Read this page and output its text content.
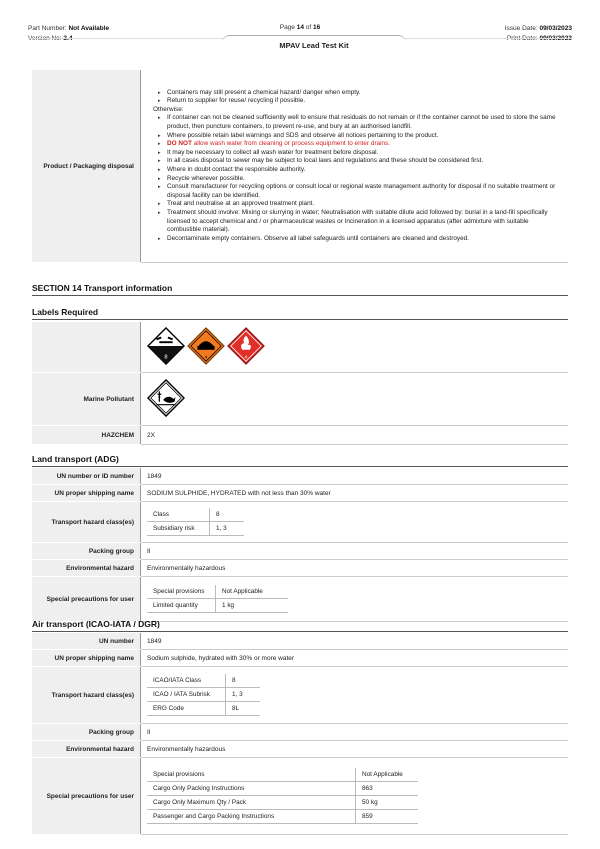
Part Number: Not Available	Page 14 of 16	Issue Date: 09/03/2023
MPAV Lead Test Kit
Product / Packaging disposal	
▸ Containers may still present a chemical hazard/ danger when empty.
▸ Return to supplier for reuse/ recycling if possible.
Otherwise:
▸ If container can not be cleaned sufficiently well to ensure that residuals do not remain or if the container cannot be used to store the same product, then puncture containers, to prevent re-use, and bury at an authorised landfill.
▸ Where possible retain label warnings and SDS and observe all notices pertaining to the product.
▸ DO NOT allow wash water from cleaning or process equipment to enter drains.
▸ It may be necessary to collect all wash water for treatment before disposal.
▸ In all cases disposal to sewer may be subject to local laws and regulations and these should be considered first.
▸ Where in doubt contact the responsible authority.
▸ Recycle wherever possible.
▸ Consult manufacturer for recycling options or consult local or regional waste management authority for disposal if no suitable treatment or disposal facility can be identified.
▸ Treat and neutralise at an approved treatment plant.
▸ Treatment should involve: Mixing or slurrying in water; Neutralisation with suitable dilute acid followed by: burial in a land-fill specifically licensed to accept chemical and / or pharmaceutical wastes or Incineration in a licensed apparatus (after admixture with suitable combustible material).
▸ Decontaminate empty containers. Observe all label safeguards until containers are cleaned and destroyed.
SECTION 14 Transport information
Labels Required

8
4
4

Marine Pollutant	
HAZCHEM	2X
Land transport (ADG)
UN number or ID number	1849
UN proper shipping name	SODIUM SULPHIDE, HYDRATED with not less than 30% water
Transport hazard class(es)	
Class	8
Subsidiary risk	1, 3

Packing group	II
Environmental hazard	Environmentally hazardous
Special precautions for user	
Special provisions	Not Applicable
Limited quantity	1 kg
Air transport (ICAO-IATA / DGR)
UN number	1849
UN proper shipping name	Sodium sulphide, hydrated with 30% or more water
Transport hazard class(es)	
ICAO/IATA Class	8
ICAO / IATA Subrisk	1, 3
ERG Code	8L

Packing group	II
Environmental hazard	Environmentally hazardous
Special precautions for user	
Special provisions	Not Applicable
Cargo Only Packing Instructions	863
Cargo Only Maximum Qty / Pack	50 kg
Passenger and Cargo Packing Instructions	859
